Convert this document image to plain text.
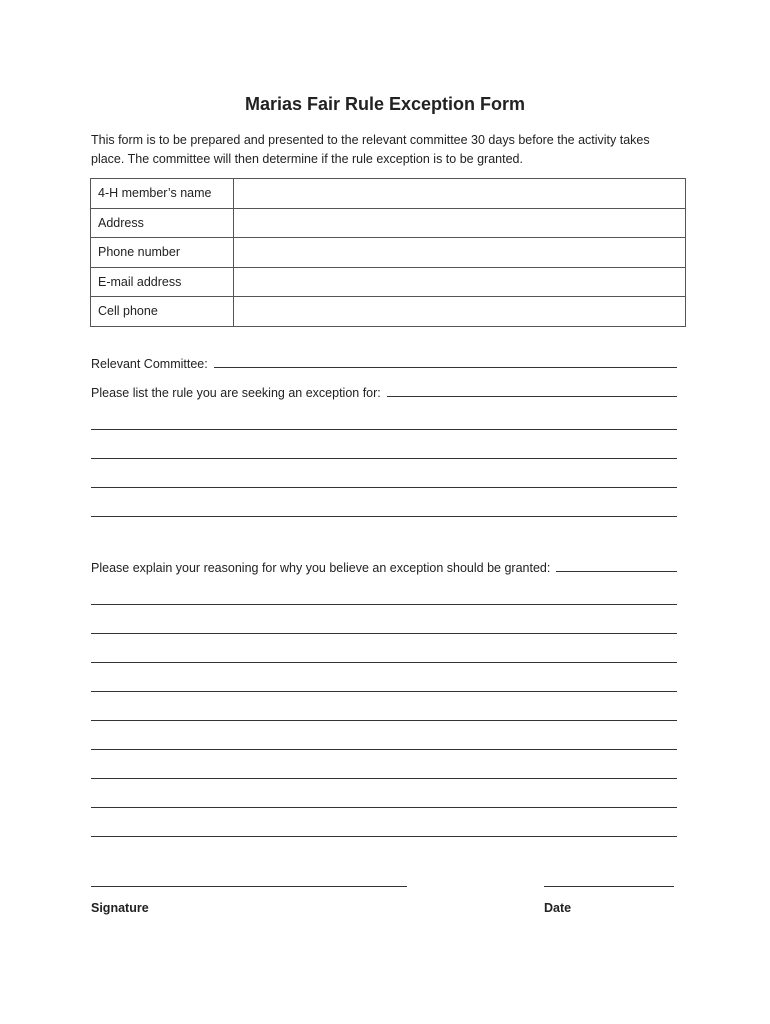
Marias Fair Rule Exception Form
This form is to be prepared and presented to the relevant committee 30 days before the activity takes place. The committee will then determine if the rule exception is to be granted.
4-H member’s name	
Address	
Phone number	
E-mail address	
Cell phone	
Relevant Committee:
Please list the rule you are seeking an exception for:
Please explain your reasoning for why you believe an exception should be granted:
Signature	Date
